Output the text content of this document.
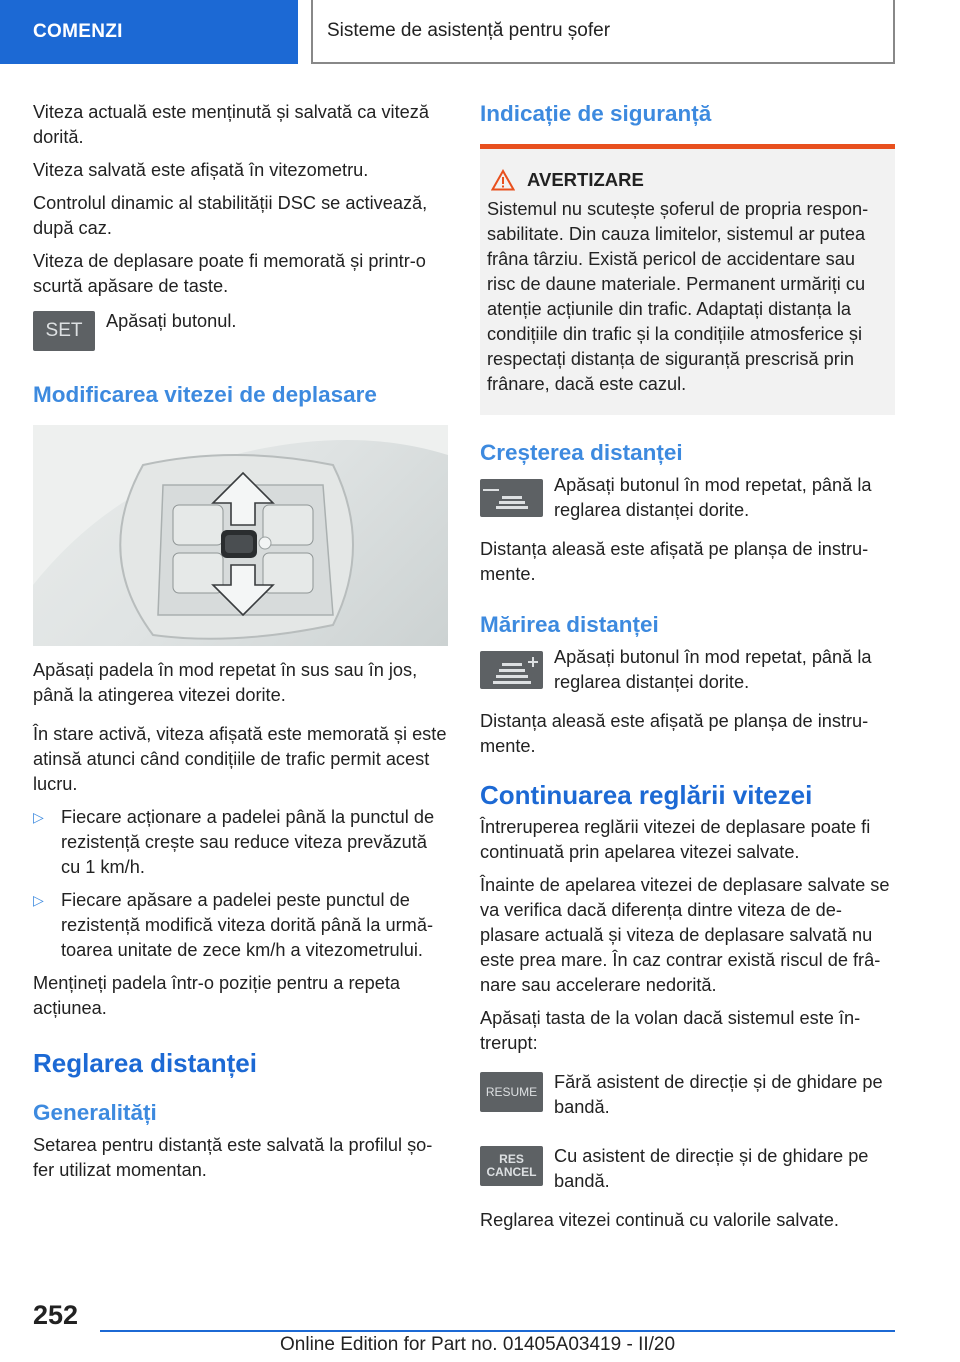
COMENZI	Sisteme de asistență pentru șofer

Viteza actuală este menținută și salvată ca viteză dorită.

Viteza salvată este afișată în vitezometru.

Controlul dinamic al stabilității DSC se activează, după caz.

Viteza de deplasare poate fi memorată și printr-o scurtă apăsare de taste.

SET Apăsați butonul.

Modificarea vitezei de deplasare

Apăsați padela în mod repetat în sus sau în jos, până la atingerea vitezei dorite.

În stare activă, viteza afișată este memorată și este atinsă atunci când condițiile de trafic permit acest lucru.

▷ Fiecare acționare a padelei până la punctul de rezistență crește sau reduce viteza prevăzută cu 1 km/h.
▷ Fiecare apăsare a padelei peste punctul de rezistență modifică viteza dorită până la urmă-toarea unitate de zece km/h a vitezometrului.

Mențineți padela într-o poziție pentru a repeta acțiunea.

Reglarea distanței
Generalități

Setarea pentru distanță este salvată la profilul șo-fer utilizat momentan.

Indicație de siguranță
AVERTIZARE

Sistemul nu scutește șoferul de propria respon-sabilitate. Din cauza limitelor, sistemul ar putea frâna târziu. Există pericol de accidentare sau risc de daune materiale. Permanent urmăriți cu atenție acțiunile din trafic. Adaptați distanța la condițiile din trafic și la condițiile atmosferice și respectați distanța de siguranță prescrisă prin frânare, dacă este cazul.

Creșterea distanței

Apăsați butonul în mod repetat, până la reglarea distanței dorite.

Distanța aleasă este afișată pe planșa de instru-mente.

Mărirea distanței

Apăsați butonul în mod repetat, până la reglarea distanței dorite.

Distanța aleasă este afișată pe planșa de instru-mente.

Continuarea reglării vitezei

Întreruperea reglării vitezei de deplasare poate fi continuată prin apelarea vitezei salvate.

Înainte de apelarea vitezei de deplasare salvate se va verifica dacă diferența dintre viteza de de-plasare actuală și viteza de deplasare salvată nu este prea mare. În caz contrar există riscul de frâ-nare sau accelerare nedorită.

Apăsați tasta de la volan dacă sistemul este în-trerupt:

RESUME Fără asistent de direcție și de ghidare pe bandă.

RES
CANCEL

Cu asistent de direcție și de ghidare pe bandă.

Reglarea vitezei continuă cu valorile salvate.

252
Online Edition for Part no. 01405A03419 - II/20
